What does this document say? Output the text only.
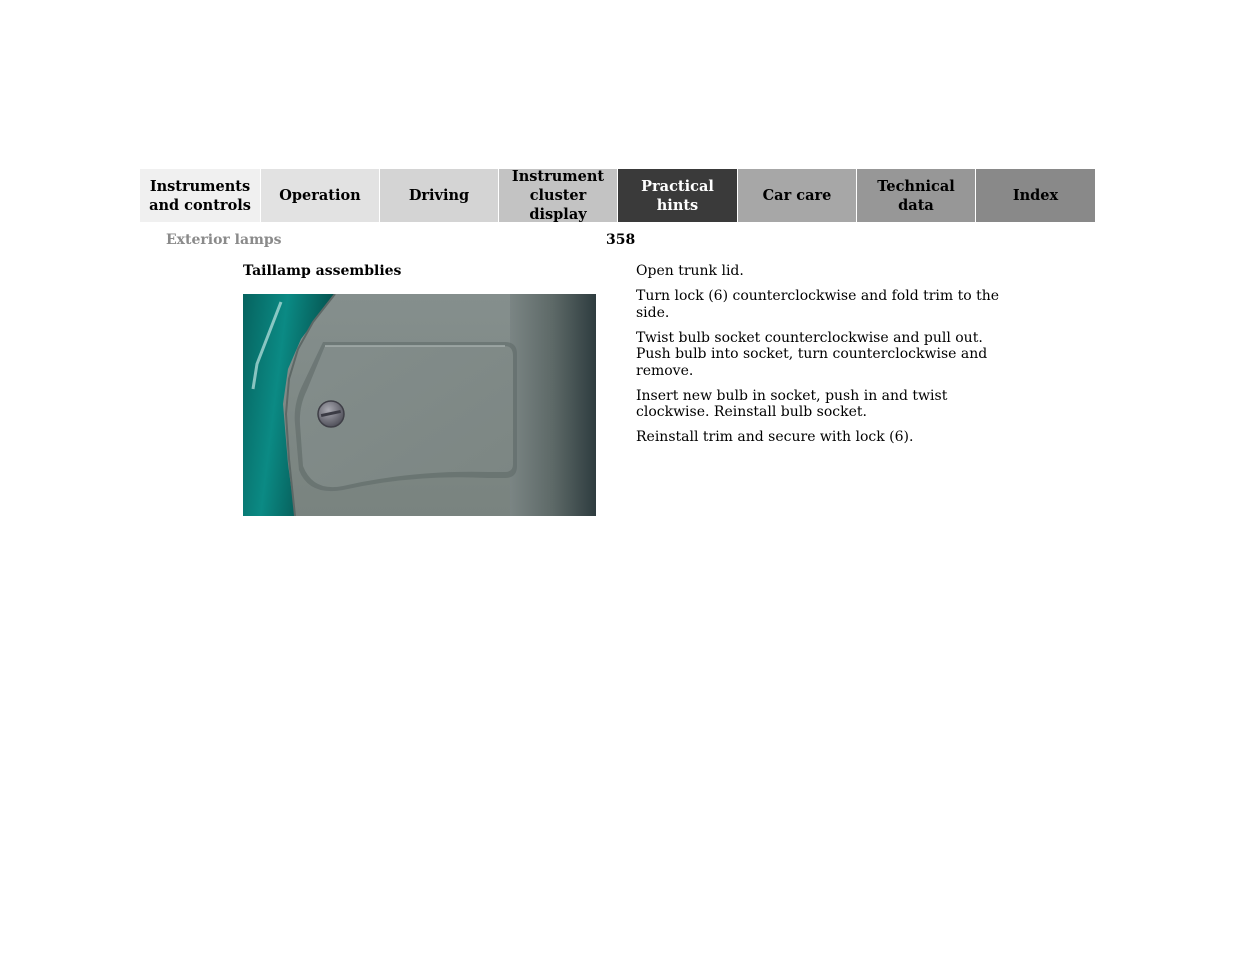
Instruments
and controls
Operation	Driving
Instrument
cluster display
Practical hints
Car care
Technical
data
Index
Exterior lamps	358
Taillamp assemblies	Open trunk lid.

Turn lock (6) counterclockwise and fold trim to the side.

Twist bulb socket counterclockwise and pull out. Push bulb into socket, turn counterclockwise and remove.

Insert new bulb in socket, push in and twist clockwise. Reinstall bulb socket.

Reinstall trim and secure with lock (6).
